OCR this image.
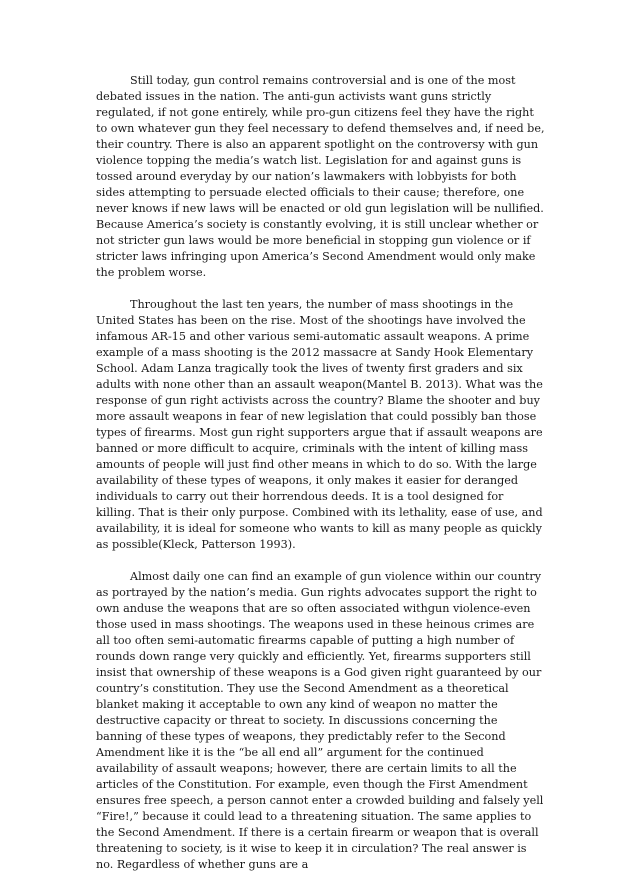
Still today, gun control remains controversial and is one of the most debated issues in the nation. The anti-gun activists want guns strictly regulated, if not gone entirely, while pro-gun citizens feel they have the right to own whatever gun they feel necessary to defend themselves and, if need be, their country. There is also an apparent spotlight on the controversy with gun violence topping the media’s watch list. Legislation for and against guns is tossed around everyday by our nation’s lawmakers with lobbyists for both sides attempting to persuade elected officials to their cause; therefore, one never knows if new laws will be enacted or old gun legislation will be nullified. Because America’s society is constantly evolving, it is still unclear whether or not stricter gun laws would be more beneficial in stopping gun violence or if stricter laws infringing upon America’s Second Amendment would only make the problem worse.

Throughout the last ten years, the number of mass shootings in the United States has been on the rise. Most of the shootings have involved the infamous AR-15 and other various semi-automatic assault weapons. A prime example of a mass shooting is the 2012 massacre at Sandy Hook Elementary School. Adam Lanza tragically took the lives of twenty first graders and six adults with none other than an assault weapon(Mantel B. 2013). What was the response of gun right activists across the country? Blame the shooter and buy more assault weapons in fear of new legislation that could possibly ban those types of firearms. Most gun right supporters argue that if assault weapons are banned or more difficult to acquire, criminals with the intent of killing mass amounts of people will just find other means in which to do so. With the large availability of these types of weapons, it only makes it easier for deranged individuals to carry out their horrendous deeds. It is a tool designed for killing. That is their only purpose. Combined with its lethality, ease of use, and availability, it is ideal for someone who wants to kill as many people as quickly as possible(Kleck, Patterson 1993).

Almost daily one can find an example of gun violence within our country as portrayed by the nation’s media. Gun rights advocates support the right to own anduse the weapons that are so often associated withgun violence-even those used in mass shootings. The weapons used in these heinous crimes are all too often semi-automatic firearms capable of putting a high number of rounds down range very quickly and efficiently. Yet, firearms supporters still insist that ownership of these weapons is a God given right guaranteed by our country’s constitution. They use the Second Amendment as a theoretical blanket making it acceptable to own any kind of weapon no matter the destructive capacity or threat to society. In discussions concerning the banning of these types of weapons, they predictably refer to the Second Amendment like it is the “be all end all” argument for the continued availability of assault weapons; however, there are certain limits to all the articles of the Constitution. For example, even though the First Amendment ensures free speech, a person cannot enter a crowded building and falsely yell “Fire!,” because it could lead to a threatening situation. The same applies to the Second Amendment. If there is a certain firearm or weapon that is overall threatening to society, is it wise to keep it in circulation? The real answer is no. Regardless of whether guns are a
